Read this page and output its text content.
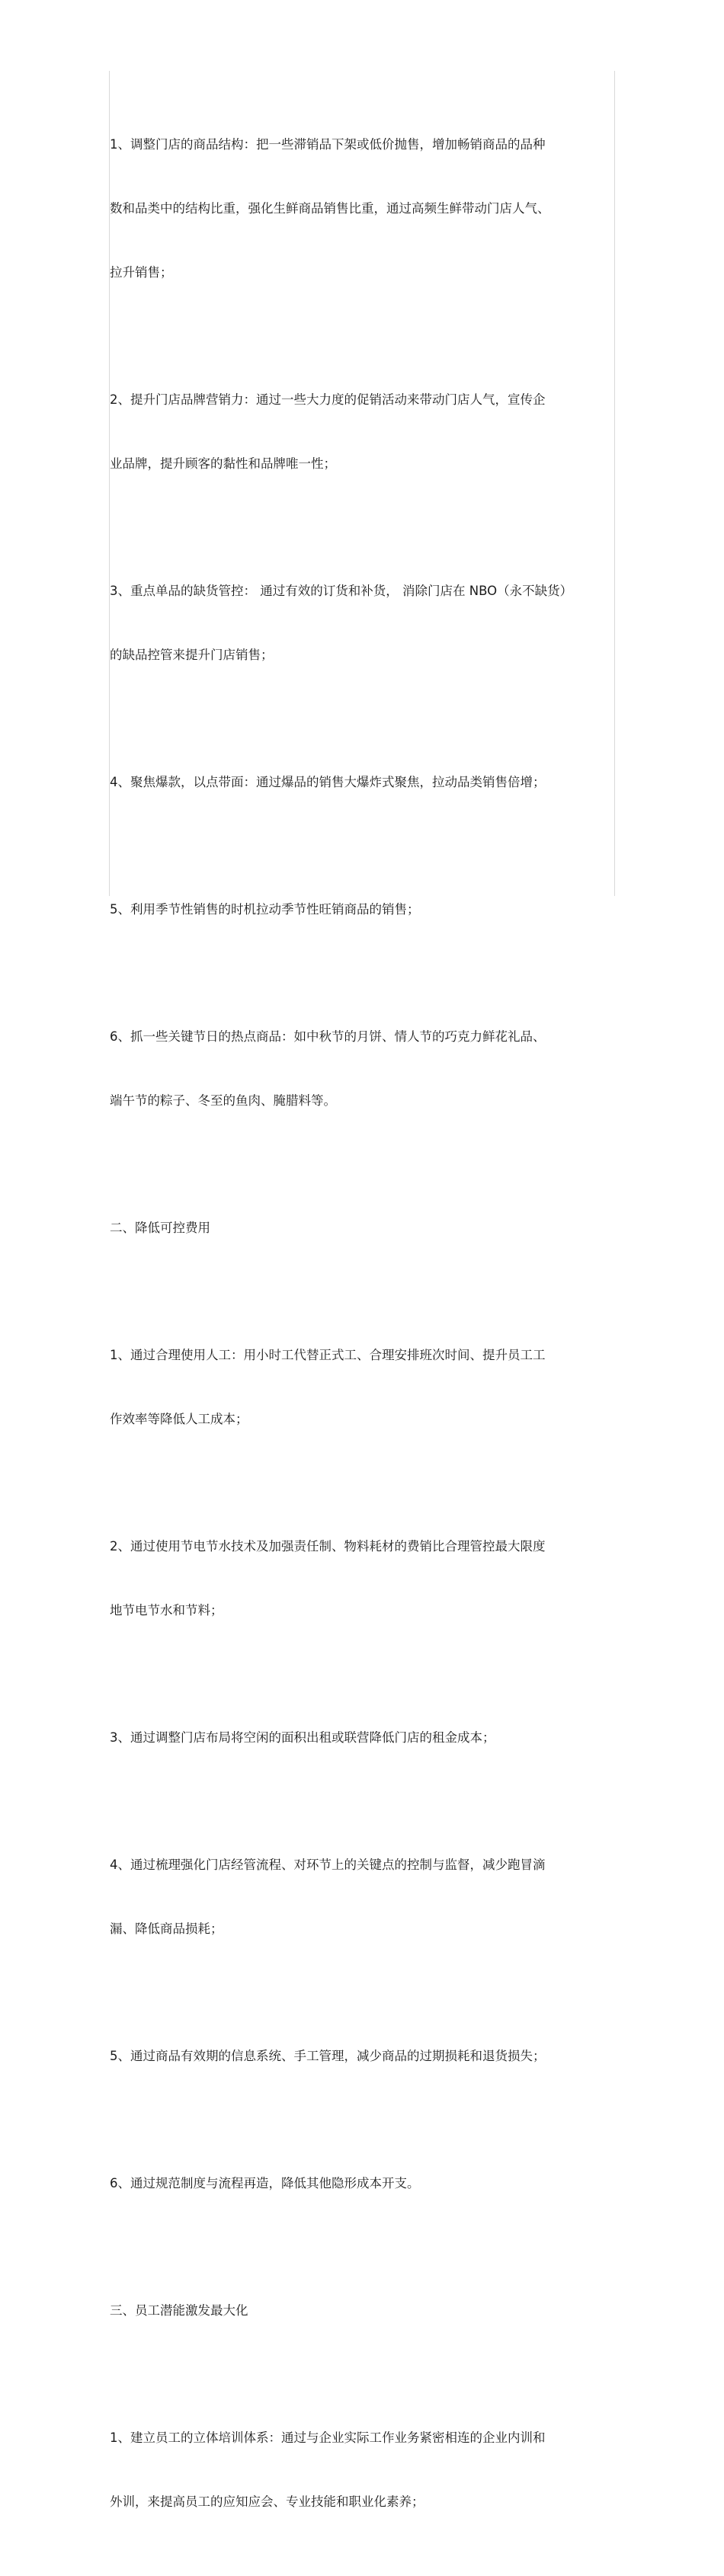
1、调整门店的商品结构：把一些滞销品下架或低价抛售，增加畅销商品的品种

数和品类中的结构比重，强化生鲜商品销售比重，通过高频生鲜带动门店人气、

拉升销售；

2、提升门店品牌营销力：通过一些大力度的促销活动来带动门店人气，宣传企

业品牌，提升顾客的黏性和品牌唯一性；

3、重点单品的缺货管控： 通过有效的订货和补货， 消除门店在 NBO（永不缺货）

的缺品控管来提升门店销售；

4、聚焦爆款，以点带面：通过爆品的销售大爆炸式聚焦，拉动品类销售倍增；

5、利用季节性销售的时机拉动季节性旺销商品的销售；

6、抓一些关键节日的热点商品：如中秋节的月饼、情人节的巧克力鲜花礼品、

端午节的粽子、冬至的鱼肉、腌腊料等。

二、降低可控费用

1、通过合理使用人工：用小时工代替正式工、合理安排班次时间、提升员工工

作效率等降低人工成本；

2、通过使用节电节水技术及加强责任制、物料耗材的费销比合理管控最大限度

地节电节水和节料；

3、通过调整门店布局将空闲的面积出租或联营降低门店的租金成本；

4、通过梳理强化门店经管流程、对环节上的关键点的控制与监督，减少跑冒滴

漏、降低商品损耗；

5、通过商品有效期的信息系统、手工管理，减少商品的过期损耗和退货损失；

6、通过规范制度与流程再造，降低其他隐形成本开支。

三、员工潜能激发最大化

1、建立员工的立体培训体系：通过与企业实际工作业务紧密相连的企业内训和

外训，来提高员工的应知应会、专业技能和职业化素养；
